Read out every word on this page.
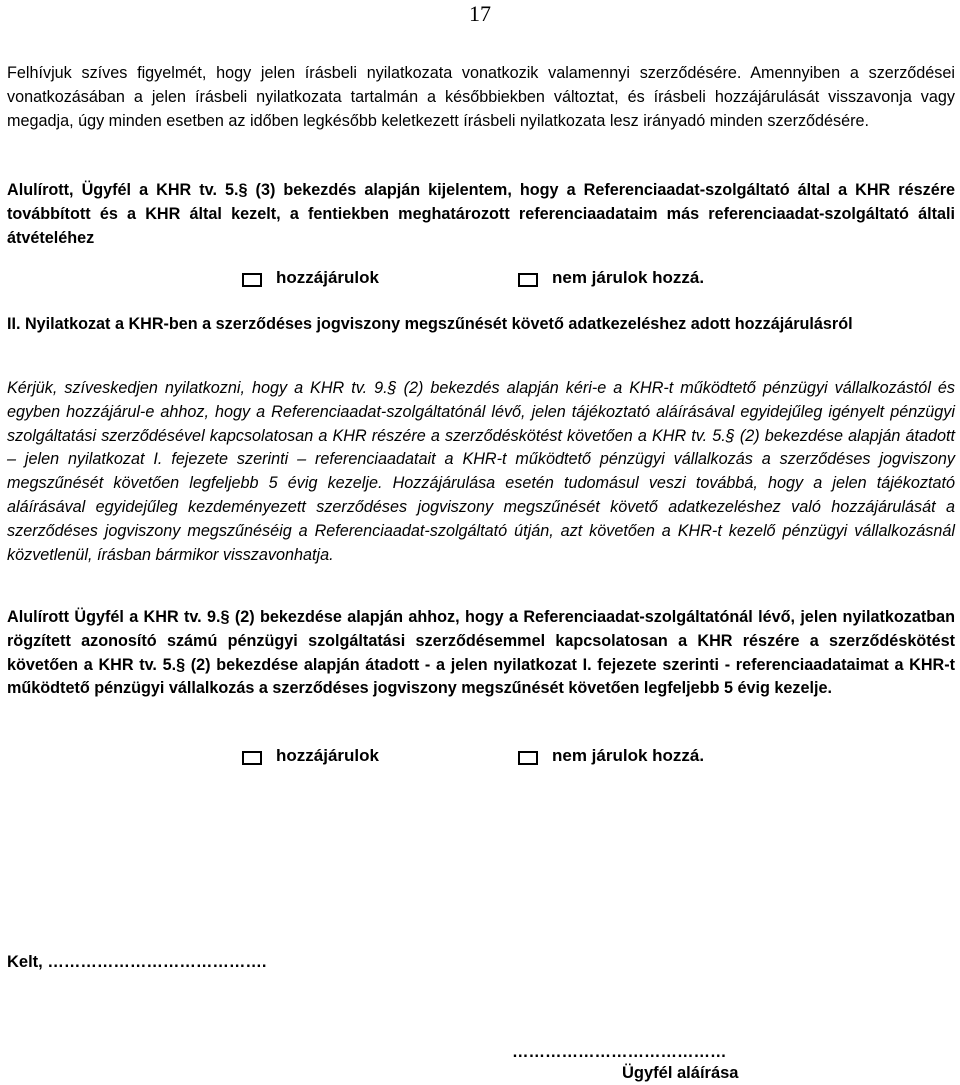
17
Felhívjuk szíves figyelmét, hogy jelen írásbeli nyilatkozata vonatkozik valamennyi szerződésére. Amennyiben a szerződései vonatkozásában a jelen írásbeli nyilatkozata tartalmán a későbbiekben változtat, és írásbeli hozzájárulását visszavonja vagy megadja, úgy minden esetben az időben legkésőbb keletkezett írásbeli nyilatkozata lesz irányadó minden szerződésére.
Alulírott, Ügyfél a KHR tv. 5.§ (3) bekezdés alapján kijelentem, hogy a Referenciaadat-szolgáltató által a KHR részére továbbított és a KHR által kezelt, a fentiekben meghatározott referenciaadataim más referenciaadat-szolgáltató általi átvételéhez
hozzájárulok	nem járulok hozzá.
II. Nyilatkozat a KHR-ben a szerződéses jogviszony megszűnését követő adatkezeléshez adott hozzájárulásról
Kérjük, szíveskedjen nyilatkozni, hogy a KHR tv. 9.§ (2) bekezdés alapján kéri-e a KHR-t működtető pénzügyi vállalkozástól és egyben hozzájárul-e ahhoz, hogy a Referenciaadat-szolgáltatónál lévő, jelen tájékoztató aláírásával egyidejűleg igényelt pénzügyi szolgáltatási szerződésével kapcsolatosan a KHR részére a szerződéskötést követően a KHR tv. 5.§ (2) bekezdése alapján átadott – jelen nyilatkozat I. fejezete szerinti – referenciaadatait a KHR-t működtető pénzügyi vállalkozás a szerződéses jogviszony megszűnését követően legfeljebb 5 évig kezelje. Hozzájárulása esetén tudomásul veszi továbbá, hogy a jelen tájékoztató aláírásával egyidejűleg kezdeményezett szerződéses jogviszony megszűnését követő adatkezeléshez való hozzájárulását a szerződéses jogviszony megszűnéséig a Referenciaadat-szolgáltató útján, azt követően a KHR-t kezelő pénzügyi vállalkozásnál közvetlenül, írásban bármikor visszavonhatja.
Alulírott Ügyfél a KHR tv. 9.§ (2) bekezdése alapján ahhoz, hogy a Referenciaadat-szolgáltatónál lévő, jelen nyilatkozatban rögzített azonosító számú pénzügyi szolgáltatási szerződésemmel kapcsolatosan a KHR részére a szerződéskötést követően a KHR tv. 5.§ (2) bekezdése alapján átadott - a jelen nyilatkozat I. fejezete szerinti - referenciaadataimat a KHR-t működtető pénzügyi vállalkozás a szerződéses jogviszony megszűnését követően legfeljebb 5 évig kezelje.
hozzájárulok	nem járulok hozzá.
Kelt, ………………………………….
…………………………………
Ügyfél aláírása
